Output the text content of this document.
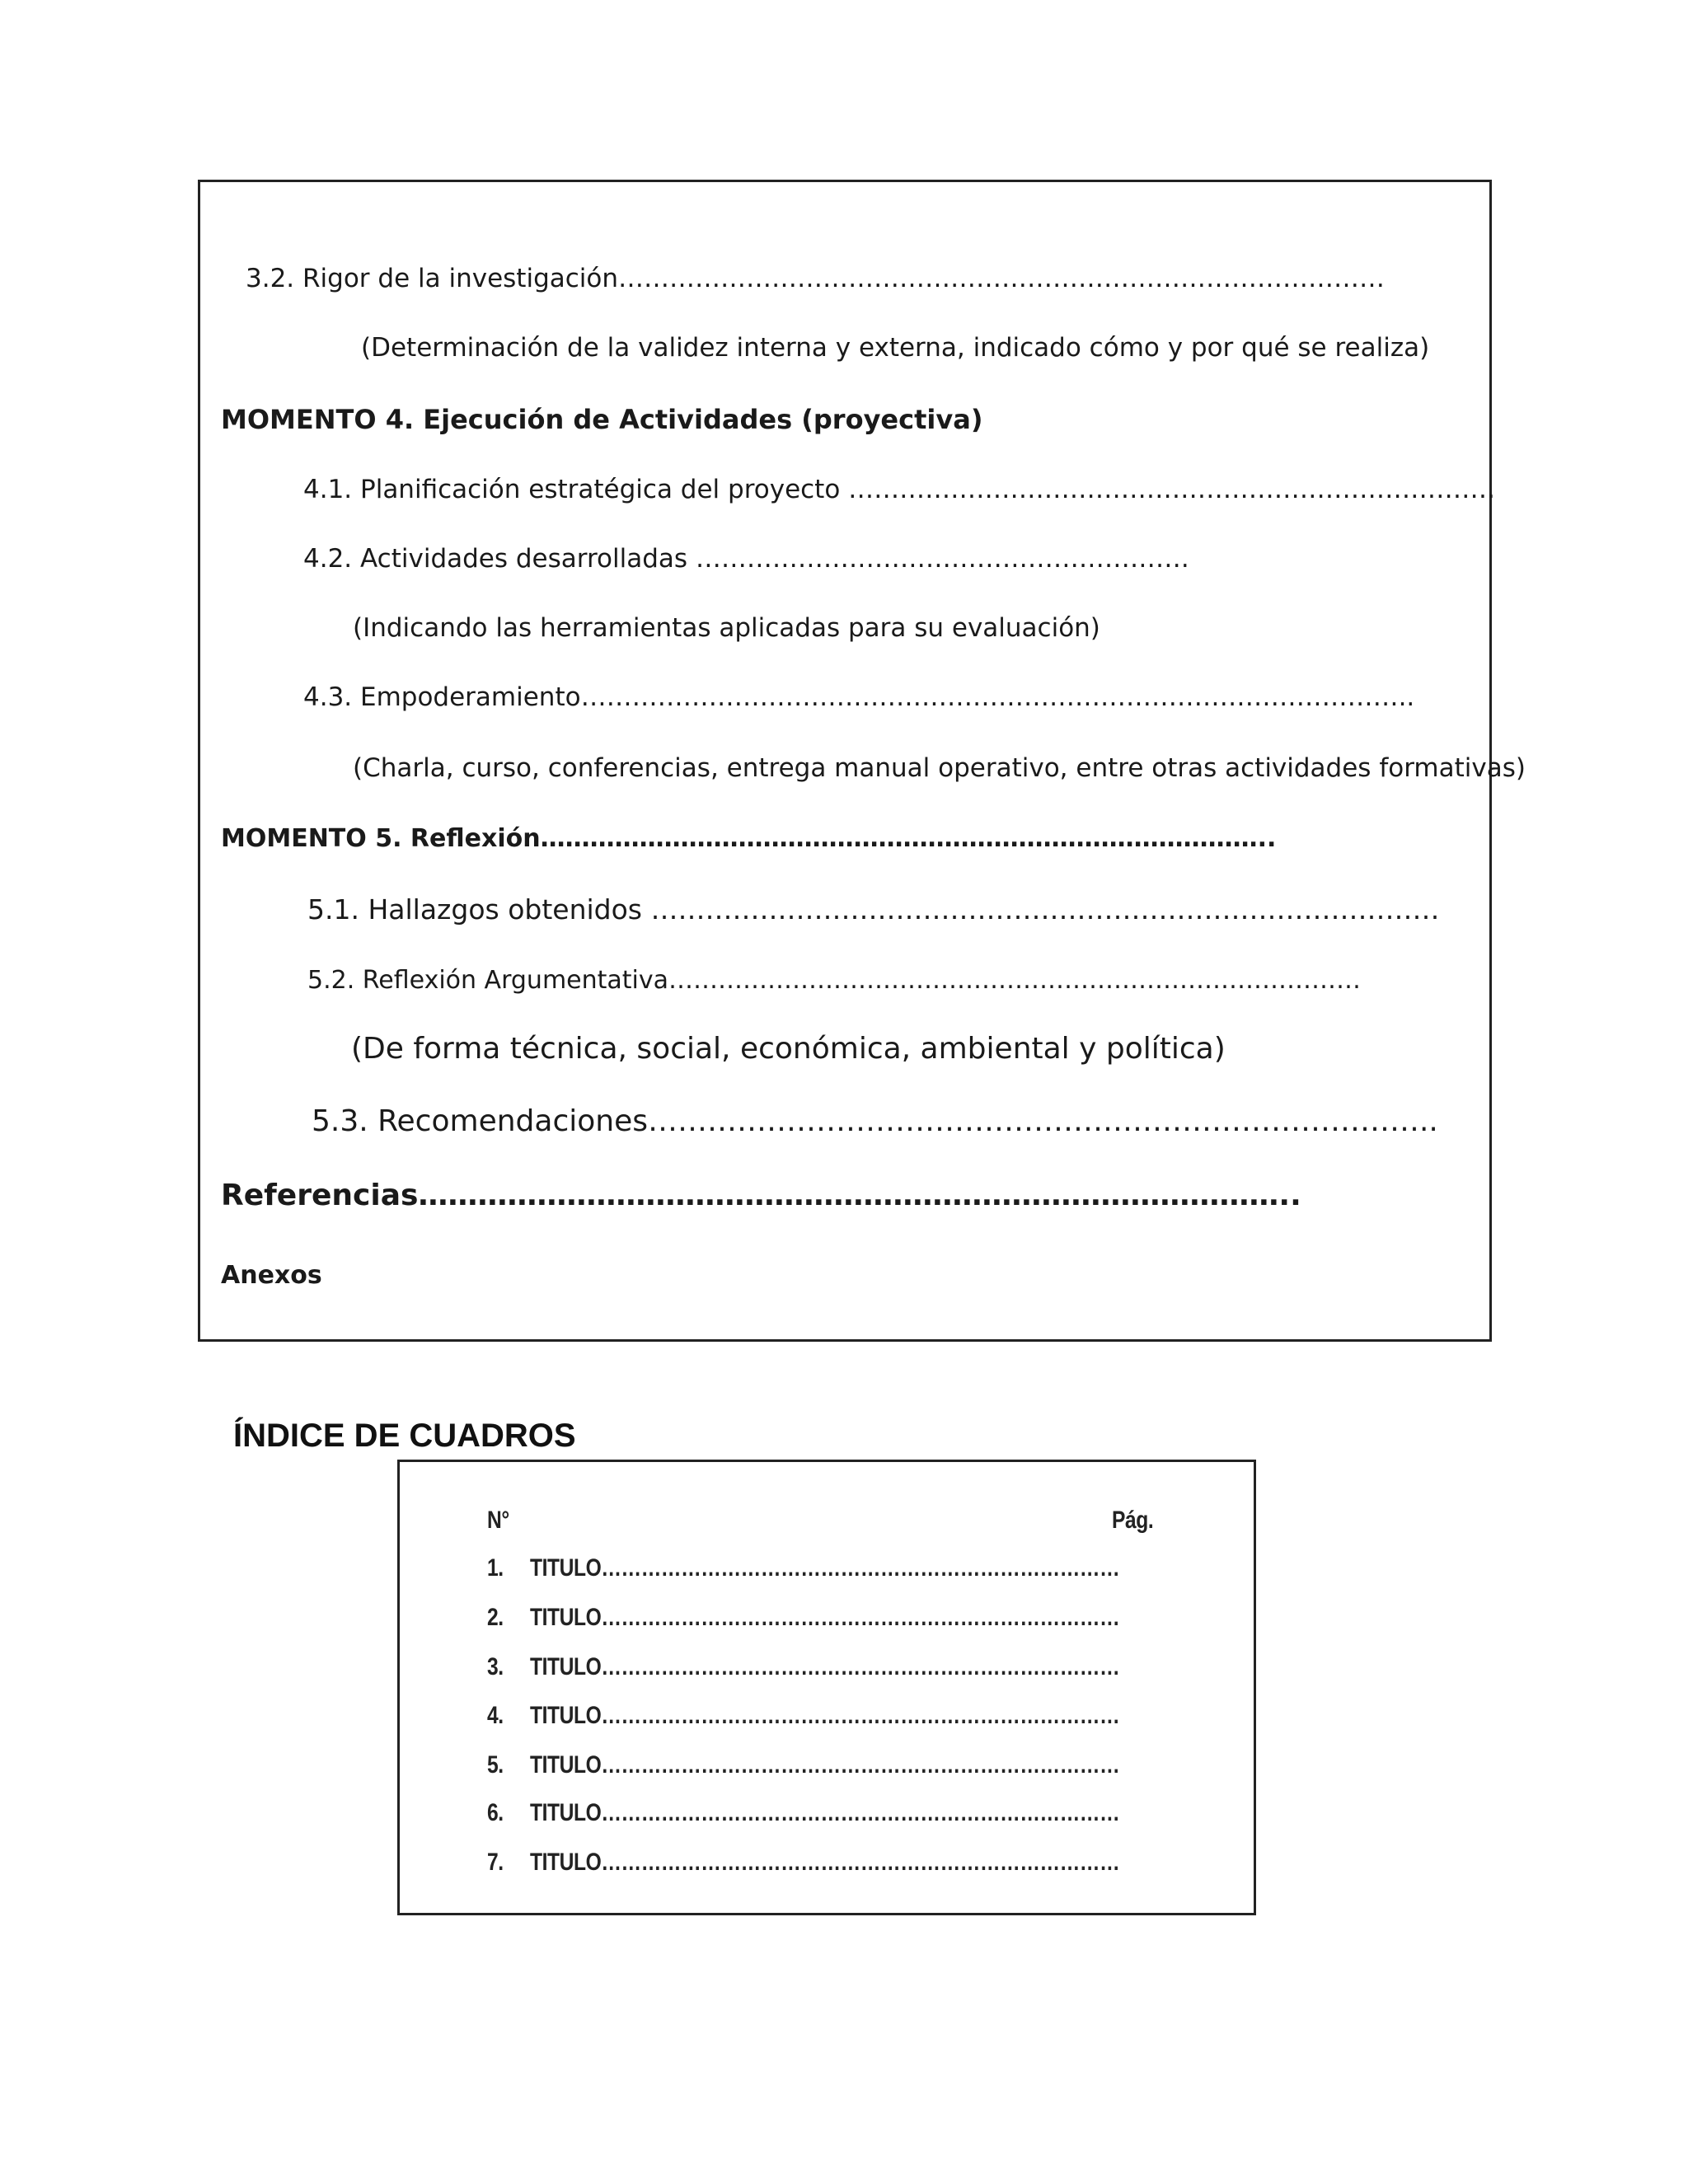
3.2. Rigor de la investigación………………………………………………………………………………
(Determinación de la validez interna y externa, indicado cómo y por qué se realiza)
MOMENTO 4. Ejecución de Actividades (proyectiva)
4.1. Planificación estratégica del proyecto ………………………………………………………………….
4.2. Actividades desarrolladas ………………………………………………….
(Indicando las herramientas aplicadas para su evaluación)
4.3. Empoderamiento……………………………………………………………………………………..
(Charla, curso, conferencias, entrega manual operativo, entre otras actividades formativas)
MOMENTO 5. Reflexión……………………………………………………………………………..
5.1. Hallazgos obtenidos ……………………………………………………………………………
5.2. Reflexión Argumentativa…………………………………………………………………………
(De forma técnica, social, económica, ambiental y política)
5.3. Recomendaciones……………………………………………………………………..
Referencias……………………………………………………………………………..
Anexos
ÍNDICE DE CUADROS
N°	Pág.
1. TITULO……………………………………………………………………
2. TITULO……………………………………………………………………
3. TITULO……………………………………………………………………
4. TITULO……………………………………………………………………
5. TITULO……………………………………………………………………
6. TITULO……………………………………………………………………
7. TITULO……………………………………………………………………
